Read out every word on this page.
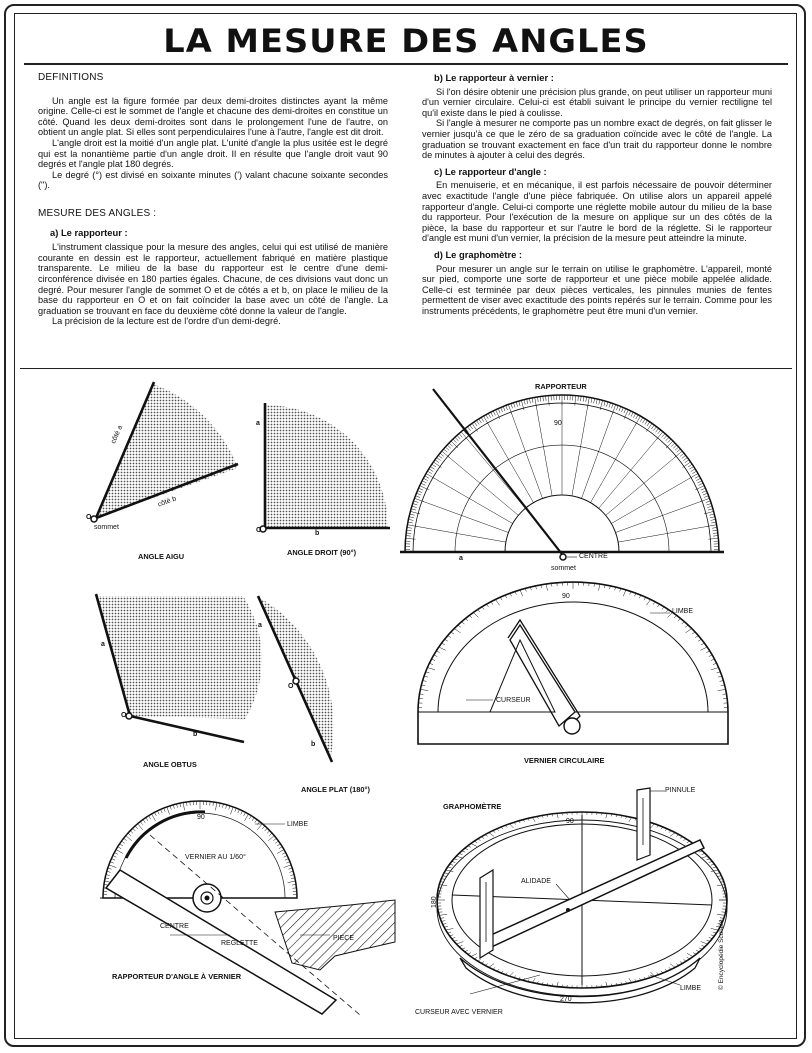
LA MESURE DES ANGLES
DEFINITIONS

Un angle est la figure formée par deux demi-droites distinctes ayant la même origine. Celle-ci est le sommet de l'angle et chacune des demi-droites en constitue un côté. Quand les deux demi-droites sont dans le prolongement l'une de l'autre, on obtient un angle plat. Si elles sont perpendiculaires l'une à l'autre, l'angle est dit droit.

L'angle droit est la moitié d'un angle plat. L'unité d'angle la plus usitée est le degré qui est la nonantième partie d'un angle droit. Il en résulte que l'angle droit vaut 90 degrés et l'angle plat 180 degrés.

Le degré (°) est divisé en soixante minutes (') valant chacune soixante secondes (").

MESURE DES ANGLES :
a) Le rapporteur :

L'instrument classique pour la mesure des angles, celui qui est utilisé de manière courante en dessin est le rapporteur, actuellement fabriqué en matière plastique transparente. Le milieu de la base du rapporteur est le centre d'une demi-circonférence divisée en 180 parties égales. Chacune, de ces divisions vaut donc un degré. Pour mesurer l'angle de sommet O et de côtés a et b, on place le milieu de la base du rapporteur en O et on fait coïncider la base avec un côté de l'angle. La graduation se trouvant en face du deuxième côté donne la valeur de l'angle.

La précision de la lecture est de l'ordre d'un demi-degré.

b) Le rapporteur à vernier :

Si l'on désire obtenir une précision plus grande, on peut utiliser un rapporteur muni d'un vernier circulaire. Celui-ci est établi suivant le principe du vernier rectiligne tel qu'il existe dans le pied à coulisse.

Si l'angle à mesurer ne comporte pas un nombre exact de degrés, on fait glisser le vernier jusqu'à ce que le zéro de sa graduation coïncide avec le côté de l'angle. La graduation se trouvant exactement en face d'un trait du rapporteur donne le nombre de minutes à ajouter à celui des degrés.

c) Le rapporteur d'angle :

En menuiserie, et en mécanique, il est parfois nécessaire de pouvoir déterminer avec exactitude l'angle d'une pièce fabriquée. On utilise alors un appareil appelé rapporteur d'angle. Celui-ci comporte une réglette mobile autour du milieu de la base du rapporteur. Pour l'exécution de la mesure on applique sur un des côtés de la pièce, la base du rapporteur et sur l'autre le bord de la réglette. Si le rapporteur d'angle est muni d'un vernier, la précision de la mesure peut atteindre la minute.

d) Le graphomètre :

Pour mesurer un angle sur le terrain on utilise le graphomètre. L'appareil, monté sur pied, comporte une sorte de rapporteur et une pièce mobile appelée alidade. Celle-ci est terminée par deux pièces verticales, les pinnules munies de fentes permettent de viser avec exactitude des points repérés sur le terrain. Comme pour les instruments précédents, le graphomètre peut être muni d'un vernier.

côté a
côté b
O
sommet
ANGLE AIGU
a
O	b
ANGLE DROIT (90°)
a
O
b
ANGLE OBTUS
a
O
b
ANGLE PLAT (180°)
RAPPORTEUR
90
a	CENTRE
sommet
90
LIMBE
CURSEUR
VERNIER CIRCULAIRE
90
LIMBE
VERNIER AU 1/60°
CENTRE
REGLETTE
PIECE
RAPPORTEUR D'ANGLE À VERNIER
GRAPHOMÈTRE
PINNULE
90
ALIDADE
180
270
LIMBE
CURSEUR AVEC VERNIER
© Encyclopédie Scolaire
